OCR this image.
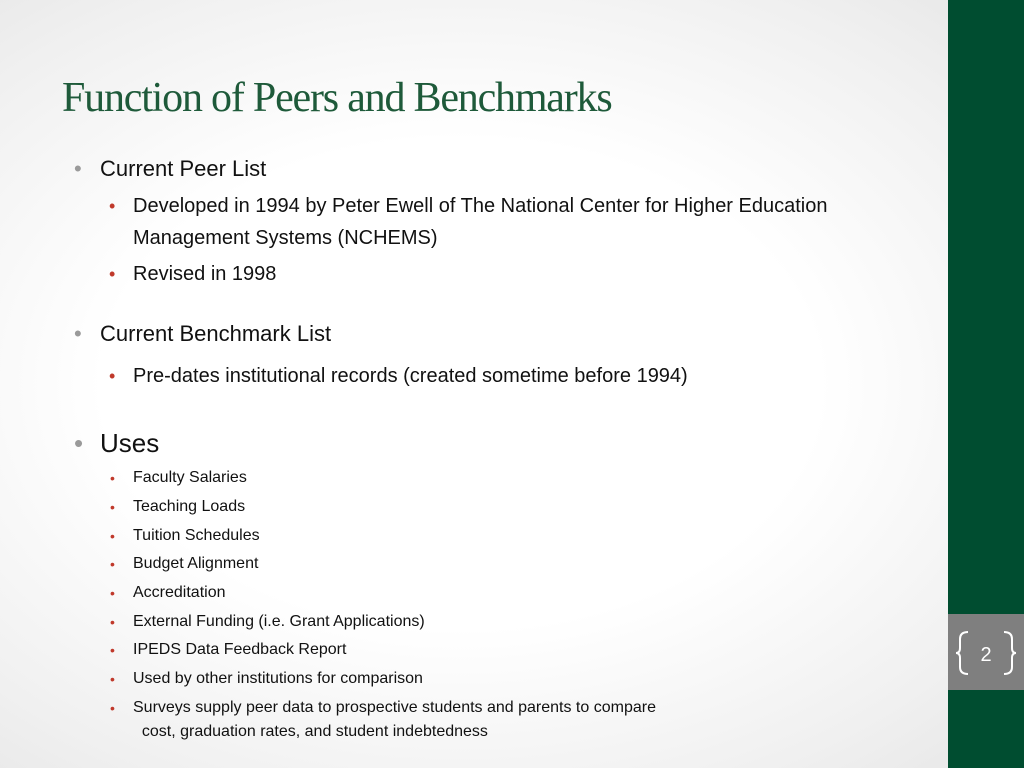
2
Function of Peers and Benchmarks
• Current Peer List
• Developed in 1994 by Peter Ewell of The National Center for Higher Education Management Systems (NCHEMS)
• Revised in 1998
• Current Benchmark List
• Pre-dates institutional records (created sometime before 1994)
• Uses
• Faculty Salaries
• Teaching Loads
• Tuition Schedules
• Budget Alignment
• Accreditation
• External Funding (i.e. Grant Applications)
• IPEDS Data Feedback Report
• Used by other institutions for comparison
• Surveys supply peer data to prospective students and parents to compare
cost, graduation rates, and student indebtedness
